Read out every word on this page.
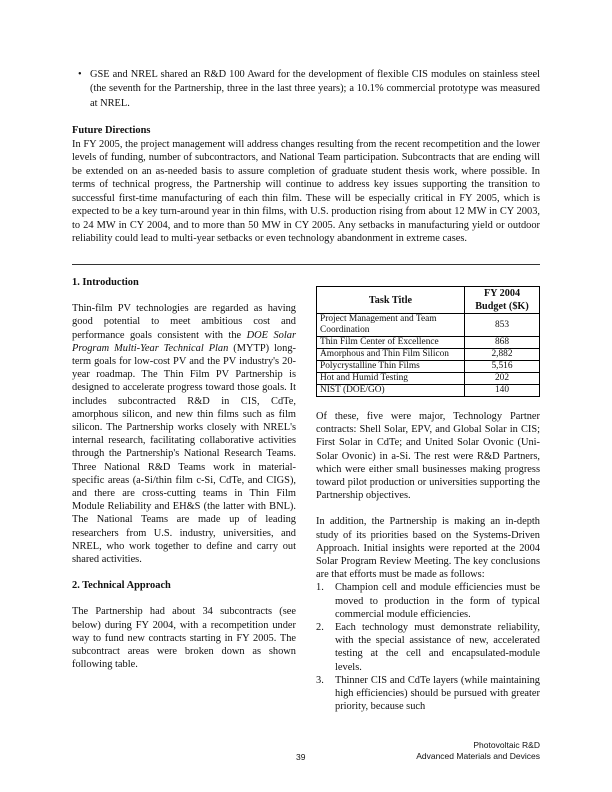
• GSE and NREL shared an R&D 100 Award for the development of flexible CIS modules on stainless steel (the seventh for the Partnership, three in the last three years); a 10.1% commercial prototype was measured at NREL.

Future Directions

In FY 2005, the project management will address changes resulting from the recent recompetition and the lower levels of funding, number of subcontractors, and National Team participation. Subcontracts that are ending will be extended on an as-needed basis to assure completion of graduate student thesis work, where possible. In terms of technical progress, the Partnership will continue to address key issues supporting the transition to successful first-time manufacturing of each thin film. These will be especially critical in FY 2005, which is expected to be a key turn-around year in thin films, with U.S. production rising from about 12 MW in CY 2003, to 24 MW in CY 2004, and to more than 50 MW in CY 2005. Any setbacks in manufacturing yield or outdoor reliability could lead to multi-year setbacks or even technology abandonment in extreme cases.

1. Introduction

Thin-film PV technologies are regarded as having good potential to meet ambitious cost and performance goals consistent with the DOE Solar Program Multi-Year Technical Plan (MYTP) long-term goals for low-cost PV and the PV industry's 20-year roadmap. The Thin Film PV Partnership is designed to accelerate progress toward those goals. It includes subcontracted R&D in CIS, CdTe, amorphous silicon, and new thin films such as film silicon. The Partnership works closely with NREL's internal research, facilitating collaborative activities through the Partnership's National Research Teams. Three National R&D Teams work in material-specific areas (a-Si/thin film c-Si, CdTe, and CIGS), and there are cross-cutting teams in Thin Film Module Reliability and EH&S (the latter with BNL). The National Teams are made up of leading researchers from U.S. industry, universities, and NREL, who work together to define and carry out shared activities.

2. Technical Approach

The Partnership had about 34 subcontracts (see below) during FY 2004, with a recompetition under way to fund new contracts starting in FY 2005. The subcontract areas were broken down as shown following table.

Task Title	FY 2004
Budget ($K)
Project Management and Team Coordination	853
Thin Film Center of Excellence	868
Amorphous and Thin Film Silicon	2,882
Polycrystalline Thin Films	5,516
Hot and Humid Testing	202
NIST (DOE/GO)	140

Of these, five were major, Technology Partner contracts: Shell Solar, EPV, and Global Solar in CIS; First Solar in CdTe; and United Solar Ovonic (Uni-Solar Ovonic) in a-Si. The rest were R&D Partners, which were either small businesses making progress toward pilot production or universities supporting the Partnership objectives.

In addition, the Partnership is making an in-depth study of its priorities based on the Systems-Driven Approach. Initial insights were reported at the 2004 Solar Program Review Meeting. The key conclusions are that efforts must be made as follows:

1. Champion cell and module efficiencies must be moved to production in the form of typical commercial module efficiencies.
2. Each technology must demonstrate reliability, with the special assistance of new, accelerated testing at the cell and encapsulated-module levels.
3. Thinner CIS and CdTe layers (while maintaining high efficiencies) should be pursued with greater priority, because such
39
Photovoltaic R&D
Advanced Materials and Devices
